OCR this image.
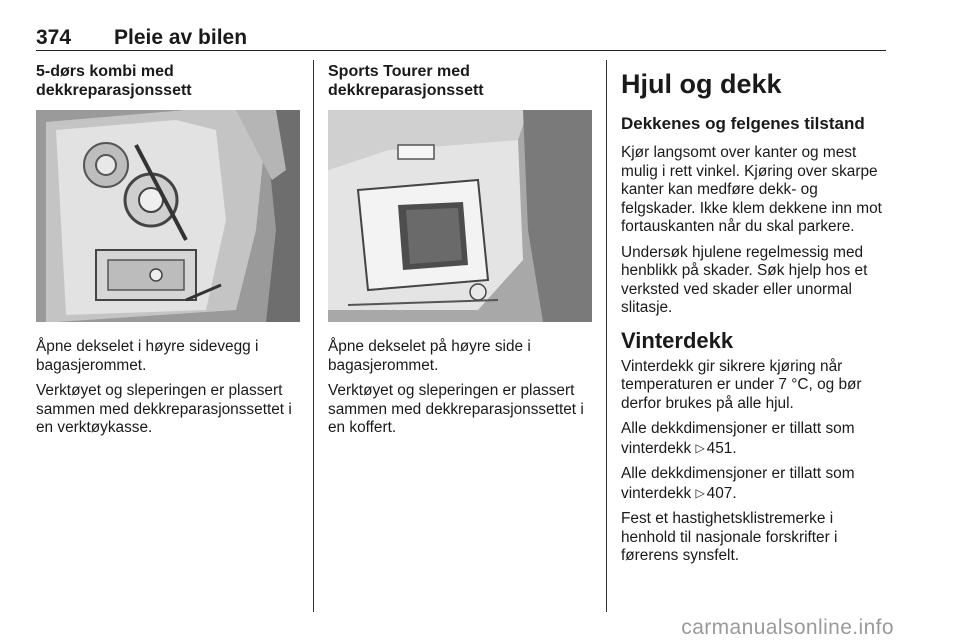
374 Pleie av bilen

5-dørs kombi med dekkreparasjonssett

Åpne dekselet i høyre sidevegg i bagasjerommet.

Verktøyet og sleperingen er plassert sammen med dekkreparasjonssettet i en verktøykasse.

Sports Tourer med dekkreparasjonssett

Åpne dekselet på høyre side i bagasjerommet.

Verktøyet og sleperingen er plassert sammen med dekkreparasjonssettet i en koffert.

Hjul og dekk

Dekkenes og felgenes tilstand

Kjør langsomt over kanter og mest mulig i rett vinkel. Kjøring over skarpe kanter kan medføre dekk- og felgskader. Ikke klem dekkene inn mot fortauskanten når du skal parkere.

Undersøk hjulene regelmessig med henblikk på skader. Søk hjelp hos et verksted ved skader eller unormal slitasje.

Vinterdekk

Vinterdekk gir sikrere kjøring når temperaturen er under 7 °C, og bør derfor brukes på alle hjul.

Alle dekkdimensjoner er tillatt som vinterdekk ▷ 451.

Alle dekkdimensjoner er tillatt som vinterdekk ▷ 407.

Fest et hastighetsklistremerke i henhold til nasjonale forskrifter i førerens synsfelt.

carmanualsonline.info
